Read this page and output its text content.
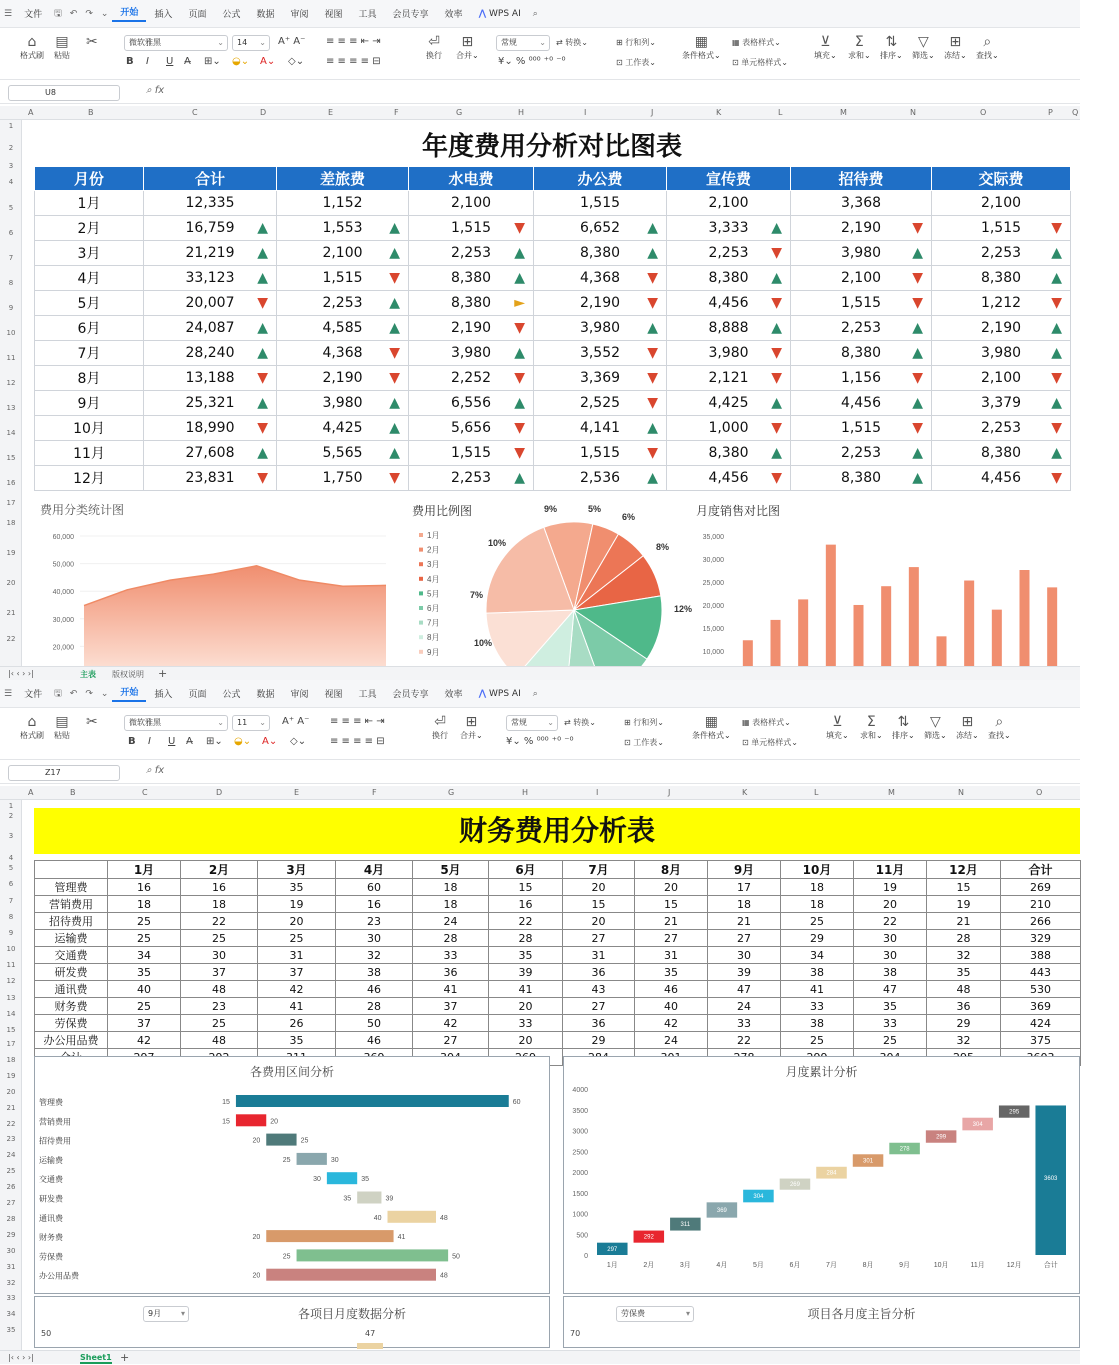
☰	文件	🖫 ↶ ↷ ⌄	开始	插入	页面	公式	数据	审阅	视图	工具	会员专享	效率	⋀ WPS AI	⌕
⌂
格式刷
▤
粘贴
✂	微软雅黑	⌄	14 ⌄ A⁺ A⁻
B I U A̶ ⊞⌄ ◒⌄ A⌄ ◇⌄
≡ ≡ ≡ ⇤ ⇥
≡ ≡ ≡ ≡ ⊟
⏎
换行
⊞
合并⌄
常规	⌄ ⇄ 转换⌄
¥⌄ % ⁰⁰⁰ ⁺⁰ ⁻⁰
⊞ 行和列⌄
⊡ 工作表⌄
▦
条件格式⌄
▦ 表格样式⌄
⊡ 单元格样式⌄
⊻
填充⌄
Σ
求和⌄
⇅
排序⌄
▽
筛选⌄
⊞
冻结⌄
⌕
查找⌄
U8	⌕ fx
A	B	C	D	E	F	G	H	I	J	K	L	M	N	O	P Q
1
2
3
4
5
6
7
8
9
10
11
12
13
14
15
16
17
18
19
20
21
22
年度费用分析对比图表
月份	合计	差旅费	水电费	办公费	宣传费	招待费	交际费
1月	12,335	1,152	2,100	1,515	2,100	3,368	2,100
2月	16,759 ▲	1,553 ▲	1,515 ▼	6,652 ▲	3,333 ▲	2,190 ▼	1,515 ▼

3月	21,219 ▲	2,100 ▲	2,253 ▲	8,380 ▲	2,253 ▼	3,980 ▲	2,253 ▲

4月	33,123 ▲	1,515 ▼	8,380 ▲	4,368 ▼	8,380 ▲	2,100 ▼	8,380 ▲

5月	20,007 ▼	2,253 ▲	8,380 ►	2,190 ▼	4,456 ▼	1,515 ▼	1,212 ▼

6月	24,087 ▲	4,585 ▲	2,190 ▼	3,980 ▲	8,888 ▲	2,253 ▲	2,190 ▲

7月	28,240 ▲	4,368 ▼	3,980 ▲	3,552 ▼	3,980 ▼	8,380 ▲	3,980 ▲

8月	13,188 ▼	2,190 ▼	2,252 ▼	3,369 ▼	2,121 ▼	1,156 ▼	2,100 ▼

9月	25,321 ▲	3,980 ▲	6,556 ▲	2,525 ▼	4,425 ▲	4,456 ▲	3,379 ▲

10月	18,990 ▼	4,425 ▲	5,656 ▼	4,141 ▲	1,000 ▼	1,515 ▼	2,253 ▼

11月	27,608 ▲	5,565 ▲	1,515 ▼	1,515 ▼	8,380 ▲	2,253 ▲	8,380 ▲

12月	23,831 ▼	1,750 ▼	2,253 ▲	2,536 ▲	4,456 ▼	8,380 ▲	4,456 ▼
费用分类统计图
60,000
50,000
40,000
30,000
20,000
费用比例图
1月
2月
3月
4月
5月
6月
7月
8月
9月
9%	5%
6%
8%
12%
10%
7%
10%
月度销售对比图
35,000
30,000
25,000
20,000
15,000
10,000
|‹ ‹ › ›|	主表 版权说明 +
☰	文件	🖫 ↶ ↷ ⌄	开始	插入	页面	公式	数据	审阅	视图	工具	会员专享	效率	⋀ WPS AI	⌕
⌂
格式刷
▤
粘贴
✂	微软雅黑	⌄	11 ⌄ A⁺ A⁻
B I U A̶ ⊞⌄ ◒⌄ A⌄ ◇⌄
≡ ≡ ≡ ⇤ ⇥
≡ ≡ ≡ ≡ ⊟
⏎
换行
⊞
合并⌄
常规	⌄ ⇄ 转换⌄
¥⌄ % ⁰⁰⁰ ⁺⁰ ⁻⁰
⊞ 行和列⌄
⊡ 工作表⌄
▦
条件格式⌄
▦ 表格样式⌄
⊡ 单元格样式⌄
⊻
填充⌄
Σ
求和⌄
⇅
排序⌄
▽
筛选⌄
⊞
冻结⌄
⌕
查找⌄
Z17	⌕ fx
A	B	C	D	E	F	G	H	I	J	K	L	M	N	O
1
2
3
4
5
6
7
8
9
10
11
12
13
14
15
17
18
19
20
21
22
23
24
25
26
27
28
29
30
31
32
33
34
35
财务费用分析表
	1月	2月	3月	4月	5月	6月	7月	8月	9月	10月	11月	12月	合计
管理费	16	16	35	60	18	15	20	20	17	18	19	15	269
营销费用	18	18	19	16	18	16	15	15	18	18	20	19	210
招待费用	25	22	20	23	24	22	20	21	21	25	22	21	266
运输费	25	25	25	30	28	28	27	27	27	29	30	28	329
交通费	34	30	31	32	33	35	31	31	30	34	30	32	388
研发费	35	37	37	38	36	39	36	35	39	38	38	35	443
通讯费	40	48	42	46	41	41	43	46	47	41	47	48	530
财务费	25	23	41	28	37	20	27	40	24	33	35	36	369
劳保费	37	25	26	50	42	33	36	42	33	38	33	29	424
办公用品费	42	48	35	46	27	20	29	24	22	25	25	32	375

各费用区间分析
管理费	15	60
营销费用	15	20
招待费用	20	25
运输费	25	30
交通费	30	35
研发费	35	39
通讯费	40	48
财务费	20	41
劳保费	25	50
办公用品费	20	48
月度累计分析
4000
3500
3000
2500
2000
1500
1000
500
0
297
1月
292
2月
311
3月
369
4月
304
5月
269
6月
284
7月
301
8月
278
9月
299
10月
304
11月
295
12月
3603
合计
9月 ▾	各项目月度数据分析
50	47
劳保费	▾	项目各月度主旨分析
70
|‹ ‹ › ›|	Sheet1 +
